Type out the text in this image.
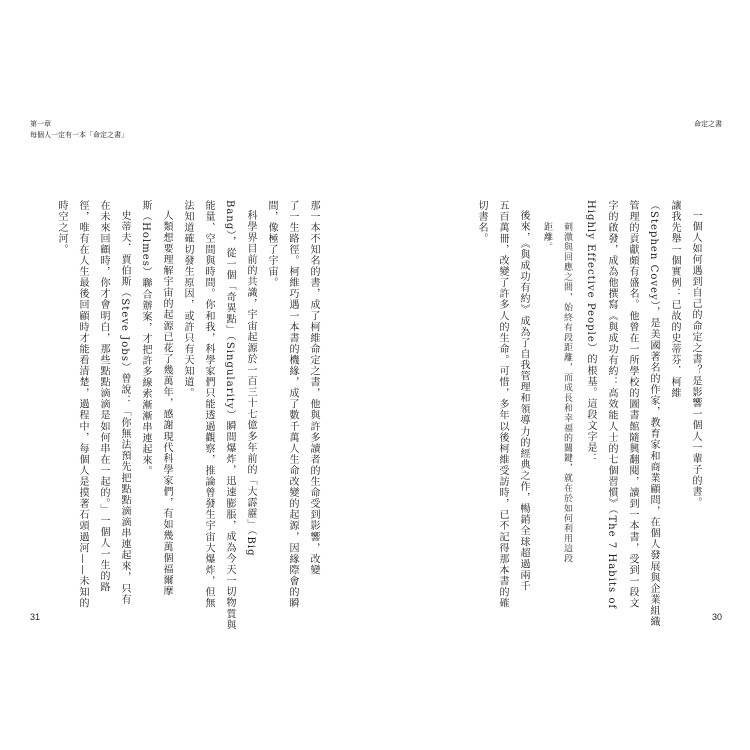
第一章
每個人一定有一本「命定之書」
那一本不知名的書，成了柯維命定之書，他與許多讀者的生命受到影響，改變
了一生路徑。柯維巧遇一本書的機緣，成了數千萬人生命改變的起源，因緣際會的瞬
間，像極了宇宙。
科學界目前的共識，宇宙起源於一百三十七億多年前的「大霹靂」（Big
Bang），從一個「奇異點」（Singularity）瞬間爆炸，迅速膨脹，成為今天一切物質與
能量、空間與時間。你和我，科學家們只能透過觀察，推論曾發生宇宙大爆炸，但無
法知道確切發生原因，或許只有天知道。
人類想要理解宇宙的起源已花了幾萬年，感謝現代科學家們，有如幾萬個福爾摩
斯（Holmes）聯合辦案，才把許多線索漸漸串連起來。
史蒂夫．賈伯斯（Steve Jobs）曾說：「你無法預先把點點滴滴串連起來，只有
在未來回顧時，你才會明白，那些點點滴滴是如何串在一起的。」一個人一生的路
徑，唯有在人生最後回顧時才能看清楚，過程中，每個人是摸著石頭過河——未知的
時空之河。
31
命定之書
一個人如何遇到自己的命定之書？是影響一個人一輩子的書。
讓我先舉一個實例：已故的史蒂芬．柯維
（Stephen Covey），是美國著名的作家，教育家和商業顧問，在個人發展與企業組織
管理的貢獻頗有盛名。他曾在一所學校的圖書館隨興翻閱，讀到一本書，受到一段文
字的啟發，成為他撰寫《與成功有約：高效能人士的七個習慣》（The 7 Habits of
Highly Effective People）的根基。這段文字是：
刺激與回應之間，始終有段距離，而成長和幸福的關鍵，就在於如何利用這段
距離。
後來，《與成功有約》成為了自我管理和領導力的經典之作，暢銷全球超過兩千
五百萬冊，改變了許多人的生命。可惜，多年以後柯維受訪時，已不記得那本書的確
切書名。
30
